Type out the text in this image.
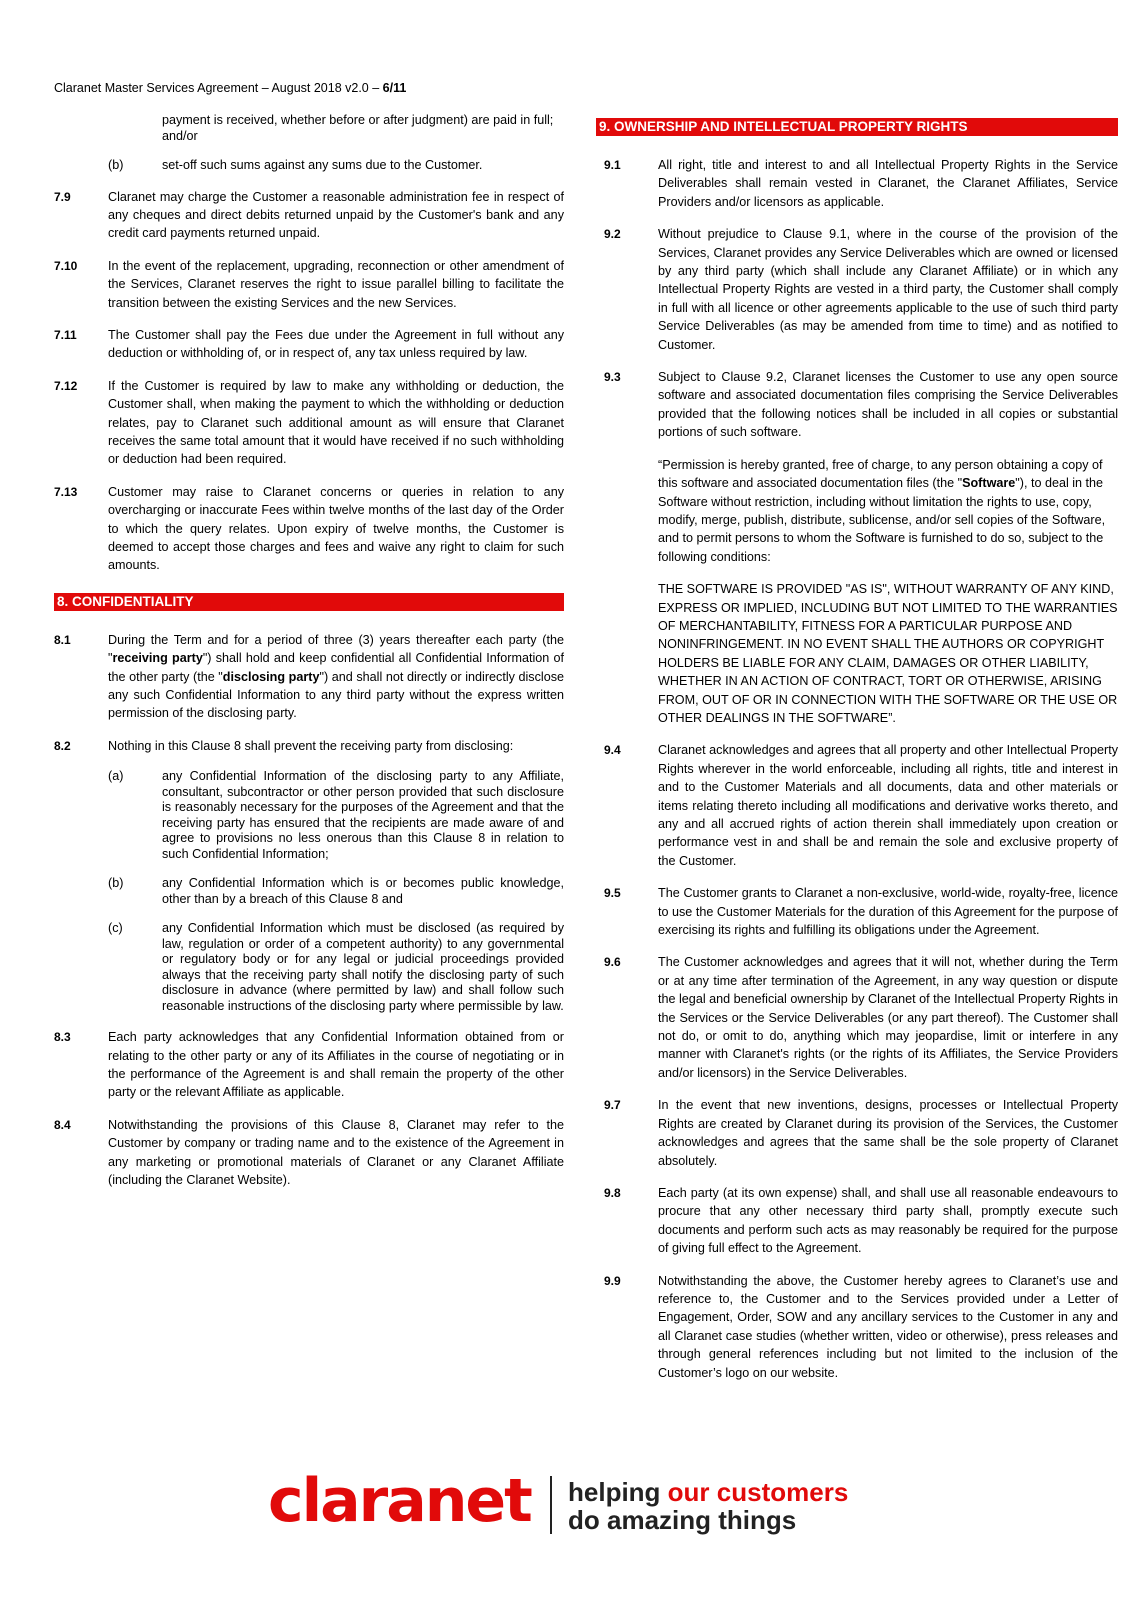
Claranet Master Services Agreement – August 2018 v2.0 – 6/11
payment is received, whether before or after judgment) are paid in full; and/or
(b)	set-off such sums against any sums due to the Customer.
7.9	Claranet may charge the Customer a reasonable administration fee in respect of any cheques and direct debits returned unpaid by the Customer's bank and any credit card payments returned unpaid.
7.10	In the event of the replacement, upgrading, reconnection or other amendment of the Services, Claranet reserves the right to issue parallel billing to facilitate the transition between the existing Services and the new Services.
7.11	The Customer shall pay the Fees due under the Agreement in full without any deduction or withholding of, or in respect of, any tax unless required by law.
7.12	If the Customer is required by law to make any withholding or deduction, the Customer shall, when making the payment to which the withholding or deduction relates, pay to Claranet such additional amount as will ensure that Claranet receives the same total amount that it would have received if no such withholding or deduction had been required.
7.13	Customer may raise to Claranet concerns or queries in relation to any overcharging or inaccurate Fees within twelve months of the last day of the Order to which the query relates. Upon expiry of twelve months, the Customer is deemed to accept those charges and fees and waive any right to claim for such amounts.
8. CONFIDENTIALITY
8.1	During the Term and for a period of three (3) years thereafter each party (the "receiving party") shall hold and keep confidential all Confidential Information of the other party (the "disclosing party") and shall not directly or indirectly disclose any such Confidential Information to any third party without the express written permission of the disclosing party.
8.2	Nothing in this Clause 8 shall prevent the receiving party from disclosing:
(a)	any Confidential Information of the disclosing party to any Affiliate, consultant, subcontractor or other person provided that such disclosure is reasonably necessary for the purposes of the Agreement and that the receiving party has ensured that the recipients are made aware of and agree to provisions no less onerous than this Clause 8 in relation to such Confidential Information;
(b)	any Confidential Information which is or becomes public knowledge, other than by a breach of this Clause 8 and
(c)	any Confidential Information which must be disclosed (as required by law, regulation or order of a competent authority) to any governmental or regulatory body or for any legal or judicial proceedings provided always that the receiving party shall notify the disclosing party of such disclosure in advance (where permitted by law) and shall follow such reasonable instructions of the disclosing party where permissible by law.
8.3	Each party acknowledges that any Confidential Information obtained from or relating to the other party or any of its Affiliates in the course of negotiating or in the performance of the Agreement is and shall remain the property of the other party or the relevant Affiliate as applicable.
8.4	Notwithstanding the provisions of this Clause 8, Claranet may refer to the Customer by company or trading name and to the existence of the Agreement in any marketing or promotional materials of Claranet or any Claranet Affiliate (including the Claranet Website).
9. OWNERSHIP AND INTELLECTUAL PROPERTY RIGHTS
9.1	All right, title and interest to and all Intellectual Property Rights in the Service Deliverables shall remain vested in Claranet, the Claranet Affiliates, Service Providers and/or licensors as applicable.
9.2	Without prejudice to Clause 9.1, where in the course of the provision of the Services, Claranet provides any Service Deliverables which are owned or licensed by any third party (which shall include any Claranet Affiliate) or in which any Intellectual Property Rights are vested in a third party, the Customer shall comply in full with all licence or other agreements applicable to the use of such third party Service Deliverables (as may be amended from time to time) and as notified to Customer.
9.3	Subject to Clause 9.2, Claranet licenses the Customer to use any open source software and associated documentation files comprising the Service Deliverables provided that the following notices shall be included in all copies or substantial portions of such software.
“Permission is hereby granted, free of charge, to any person obtaining a copy of this software and associated documentation files (the "Software"), to deal in the Software without restriction, including without limitation the rights to use, copy, modify, merge, publish, distribute, sublicense, and/or sell copies of the Software, and to permit persons to whom the Software is furnished to do so, subject to the following conditions:
THE SOFTWARE IS PROVIDED "AS IS", WITHOUT WARRANTY OF ANY KIND, EXPRESS OR IMPLIED, INCLUDING BUT NOT LIMITED TO THE WARRANTIES OF MERCHANTABILITY, FITNESS FOR A PARTICULAR PURPOSE AND NONINFRINGEMENT. IN NO EVENT SHALL THE AUTHORS OR COPYRIGHT HOLDERS BE LIABLE FOR ANY CLAIM, DAMAGES OR OTHER LIABILITY, WHETHER IN AN ACTION OF CONTRACT, TORT OR OTHERWISE, ARISING FROM, OUT OF OR IN CONNECTION WITH THE SOFTWARE OR THE USE OR OTHER DEALINGS IN THE SOFTWARE”.
9.4	Claranet acknowledges and agrees that all property and other Intellectual Property Rights wherever in the world enforceable, including all rights, title and interest in and to the Customer Materials and all documents, data and other materials or items relating thereto including all modifications and derivative works thereto, and any and all accrued rights of action therein shall immediately upon creation or performance vest in and shall be and remain the sole and exclusive property of the Customer.
9.5	The Customer grants to Claranet a non-exclusive, world-wide, royalty-free, licence to use the Customer Materials for the duration of this Agreement for the purpose of exercising its rights and fulfilling its obligations under the Agreement.
9.6	The Customer acknowledges and agrees that it will not, whether during the Term or at any time after termination of the Agreement, in any way question or dispute the legal and beneficial ownership by Claranet of the Intellectual Property Rights in the Services or the Service Deliverables (or any part thereof). The Customer shall not do, or omit to do, anything which may jeopardise, limit or interfere in any manner with Claranet's rights (or the rights of its Affiliates, the Service Providers and/or licensors) in the Service Deliverables.
9.7	In the event that new inventions, designs, processes or Intellectual Property Rights are created by Claranet during its provision of the Services, the Customer acknowledges and agrees that the same shall be the sole property of Claranet absolutely.
9.8	Each party (at its own expense) shall, and shall use all reasonable endeavours to procure that any other necessary third party shall, promptly execute such documents and perform such acts as may reasonably be required for the purpose of giving full effect to the Agreement.
9.9	Notwithstanding the above, the Customer hereby agrees to Claranet’s use and reference to, the Customer and to the Services provided under a Letter of Engagement, Order, SOW and any ancillary services to the Customer in any and all Claranet case studies (whether written, video or otherwise), press releases and through general references including but not limited to the inclusion of the Customer’s logo on our website.
claranet helping our customers
do amazing things
